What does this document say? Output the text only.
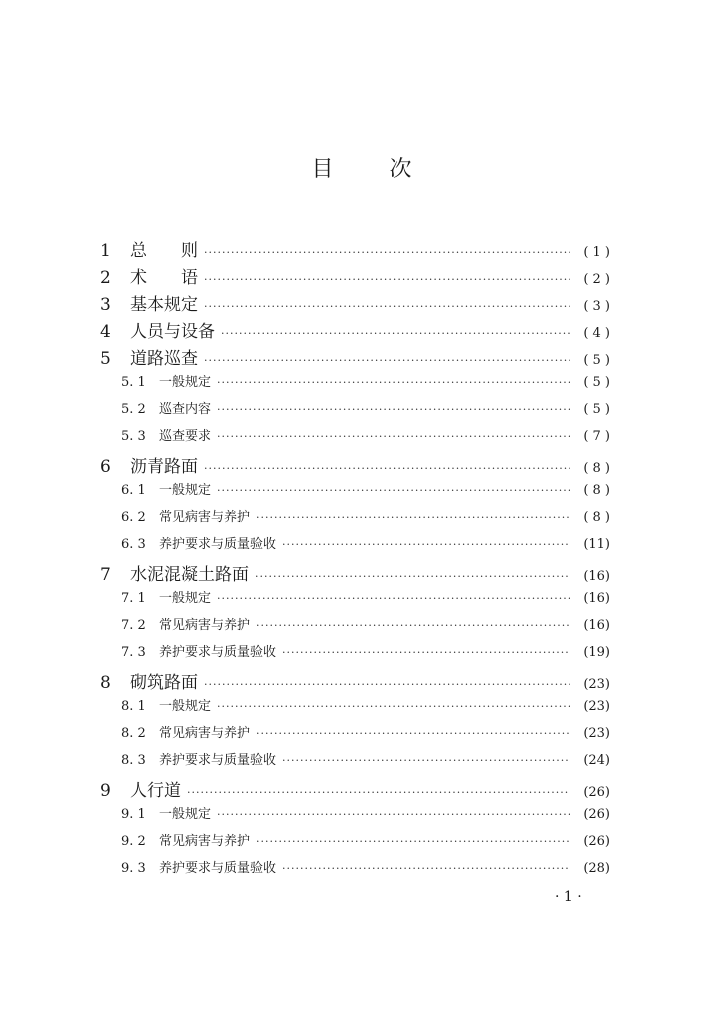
目	次
1	总　　则 ·····	( 1 )
2	术　　语 ·····	( 2 )
3	基本规定 ·····	( 3 )
4	人员与设备 ·····	( 4 )
5	道路巡查 ·····	( 5 )
5. 1	一般规定 ·····	( 5 )
5. 2	巡查内容 ·····	( 5 )
5. 3	巡查要求 ·····	( 7 )
6	沥青路面 ·····	( 8 )
6. 1	一般规定 ·····	( 8 )
6. 2	常见病害与养护 ·····	( 8 )
6. 3	养护要求与质量验收 ·····	(11)
7	水泥混凝土路面 ·····	(16)
7. 1	一般规定 ·····	(16)
7. 2	常见病害与养护 ·····	(16)
7. 3	养护要求与质量验收 ·····	(19)
8	砌筑路面 ·····	(23)
8. 1	一般规定 ·····	(23)
8. 2	常见病害与养护 ·····	(23)
8. 3	养护要求与质量验收 ·····	(24)
9	人行道 ·····	(26)
9. 1	一般规定 ·····	(26)
9. 2	常见病害与养护 ·····	(26)
9. 3	养护要求与质量验收 ·····	(28)
· 1 ·
